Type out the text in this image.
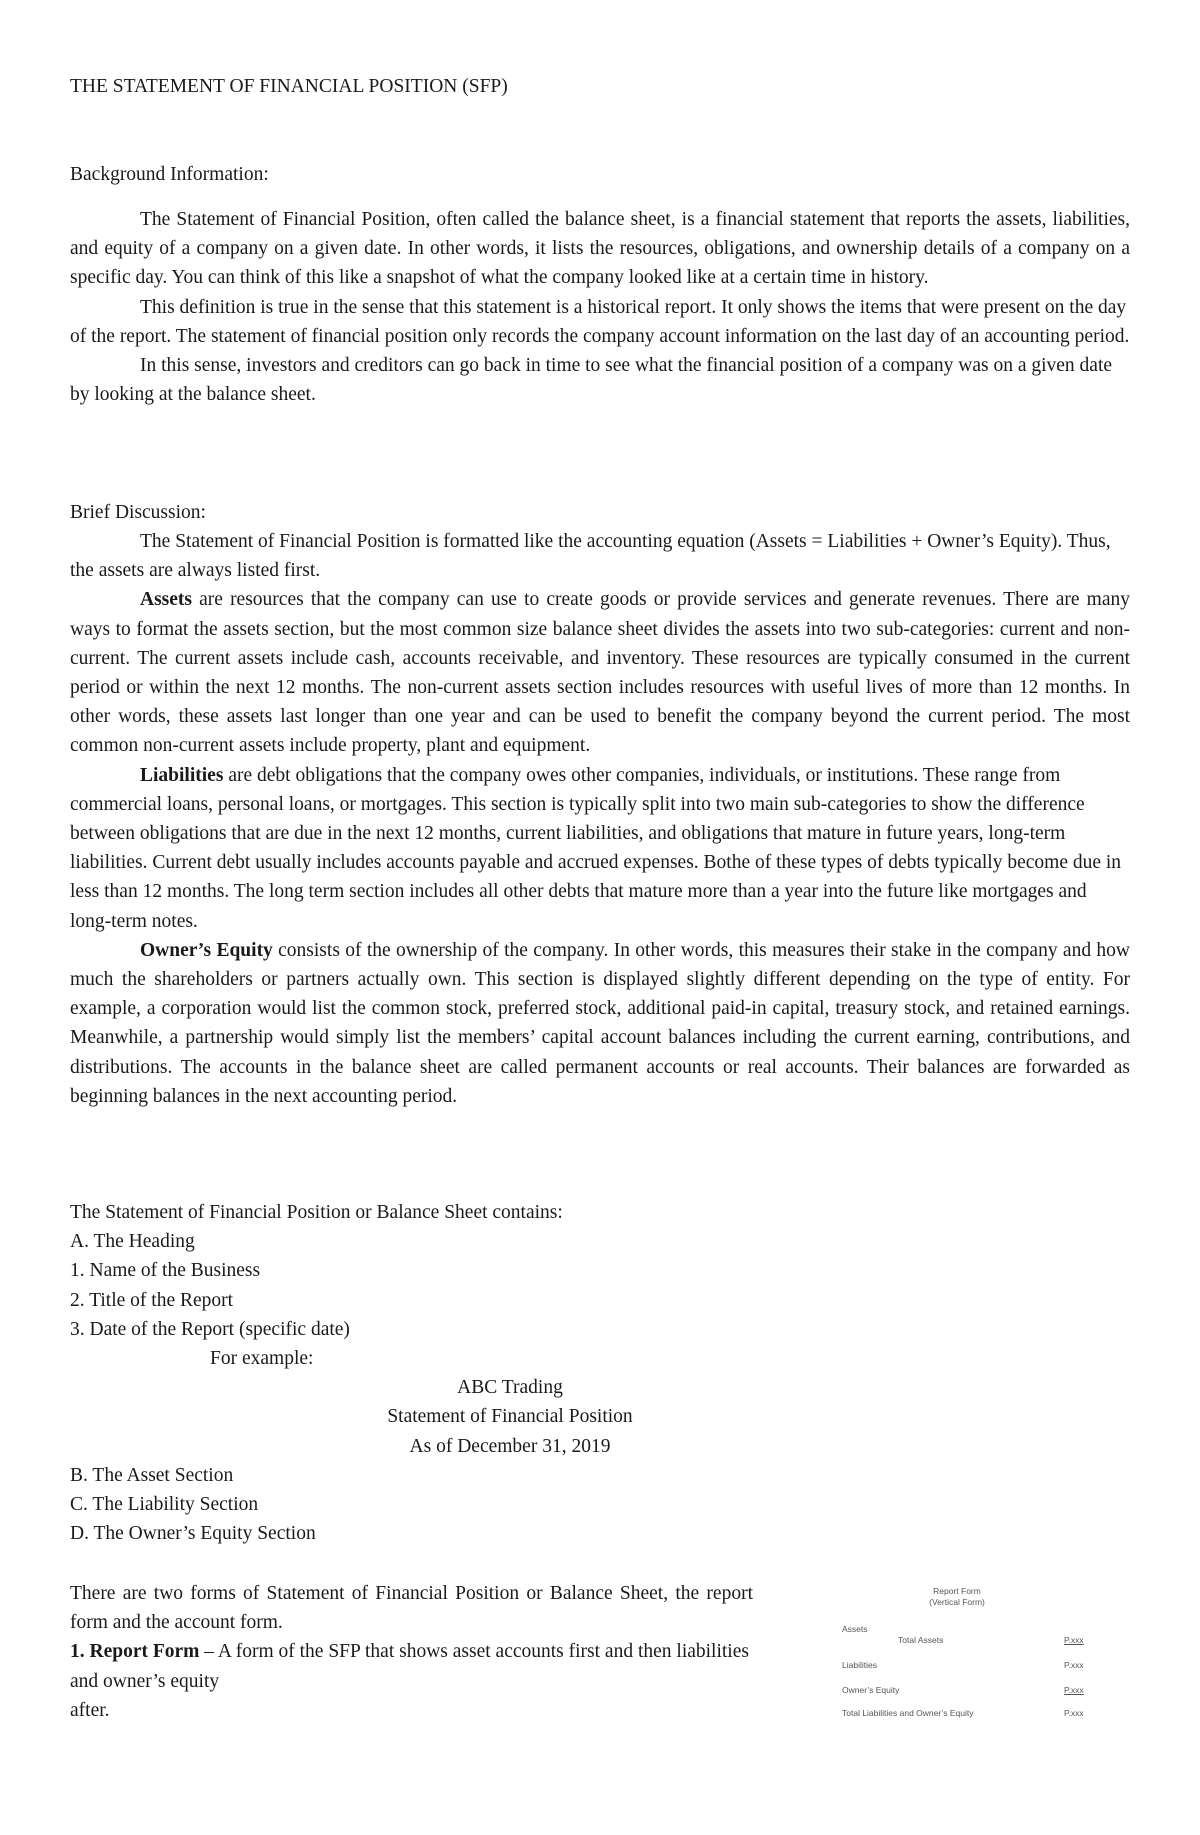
THE STATEMENT OF FINANCIAL POSITION (SFP)

Background Information:

The Statement of Financial Position, often called the balance sheet, is a financial statement that reports the assets, liabilities, and equity of a company on a given date. In other words, it lists the resources, obligations, and ownership details of a company on a specific day. You can think of this like a snapshot of what the company looked like at a certain time in history.

This definition is true in the sense that this statement is a historical report. It only shows the items that were present on the day of the report. The statement of financial position only records the company account information on the last day of an accounting period.

In this sense, investors and creditors can go back in time to see what the financial position of a company was on a given date by looking at the balance sheet.

Brief Discussion:

The Statement of Financial Position is formatted like the accounting equation (Assets = Liabilities + Owner’s Equity). Thus, the assets are always listed first.

Assets are resources that the company can use to create goods or provide services and generate revenues. There are many ways to format the assets section, but the most common size balance sheet divides the assets into two sub-categories: current and non-current. The current assets include cash, accounts receivable, and inventory. These resources are typically consumed in the current period or within the next 12 months. The non-current assets section includes resources with useful lives of more than 12 months. In other words, these assets last longer than one year and can be used to benefit the company beyond the current period. The most common non-current assets include property, plant and equipment.

Liabilities are debt obligations that the company owes other companies, individuals, or institutions. These range from commercial loans, personal loans, or mortgages. This section is typically split into two main sub-categories to show the difference between obligations that are due in the next 12 months, current liabilities, and obligations that mature in future years, long-term liabilities. Current debt usually includes accounts payable and accrued expenses. Bothe of these types of debts typically become due in less than 12 months. The long term section includes all other debts that mature more than a year into the future like mortgages and long-term notes.

Owner’s Equity consists of the ownership of the company. In other words, this measures their stake in the company and how much the shareholders or partners actually own. This section is displayed slightly different depending on the type of entity. For example, a corporation would list the common stock, preferred stock, additional paid-in capital, treasury stock, and retained earnings. Meanwhile, a partnership would simply list the members’ capital account balances including the current earning, contributions, and distributions. The accounts in the balance sheet are called permanent accounts or real accounts. Their balances are forwarded as beginning balances in the next accounting period.

The Statement of Financial Position or Balance Sheet contains:

A. The Heading

1. Name of the Business

2. Title of the Report

3. Date of the Report (specific date)

For example:

ABC Trading

Statement of Financial Position

As of December 31, 2019

B. The Asset Section

C. The Liability Section

D. The Owner’s Equity Section

There are two forms of Statement of Financial Position or Balance Sheet, the report form and the account form.

1. Report Form – A form of the SFP that shows asset accounts first and then liabilities and owner’s equity

after.

Report Form
(Vertical Form)
Assets
Total Assets	P.xxx
Liabilities	P.xxx
Owner’s Equity	P.xxx
Total Liabilities and Owner’s Equity	P.xxx
